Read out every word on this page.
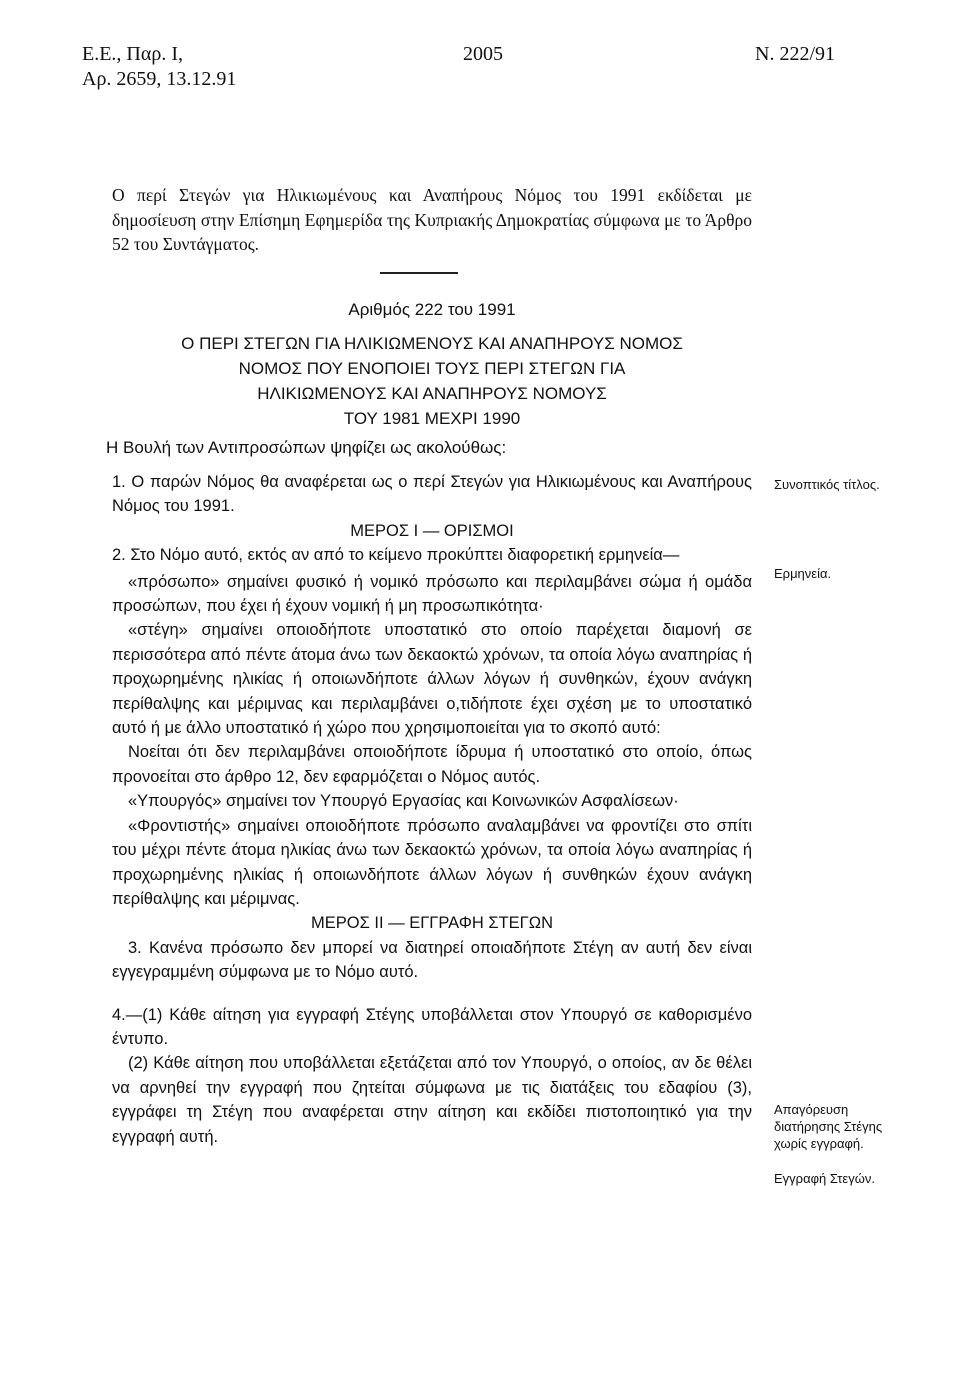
Ε.Ε., Παρ. Ι,
Αρ. 2659, 13.12.91
2005	Ν. 222/91

Ο περί Στεγών για Ηλικιωμένους και Αναπήρους Νόμος του 1991 εκδίδεται με δημοσίευση στην Επίσημη Εφημερίδα της Κυπριακής Δημοκρατίας σύμφωνα με το Άρθρο 52 του Συντάγματος.

Αριθμός 222 του 1991
Ο ΠΕΡΙ ΣΤΕΓΩΝ ΓΙΑ ΗΛΙΚΙΩΜΕΝΟΥΣ ΚΑΙ ΑΝΑΠΗΡΟΥΣ ΝΟΜΟΣ
ΝΟΜΟΣ ΠΟΥ ΕΝΟΠΟΙΕΙ ΤΟΥΣ ΠΕΡΙ ΣΤΕΓΩΝ ΓΙΑ
ΗΛΙΚΙΩΜΕΝΟΥΣ ΚΑΙ ΑΝΑΠΗΡΟΥΣ ΝΟΜΟΥΣ
ΤΟΥ 1981 ΜΕΧΡΙ 1990
Η Βουλή των Αντιπροσώπων ψηφίζει ως ακολούθως:

1. Ο παρών Νόμος θα αναφέρεται ως ο περί Στεγών για Ηλικιωμένους και Αναπήρους Νόμος του 1991.

ΜΕΡΟΣ Ι — ΟΡΙΣΜΟΙ

2. Στο Νόμο αυτό, εκτός αν από το κείμενο προκύπτει διαφορετική ερμηνεία—

«πρόσωπο» σημαίνει φυσικό ή νομικό πρόσωπο και περιλαμβάνει σώμα ή ομάδα προσώπων, που έχει ή έχουν νομική ή μη προσωπικότητα·

«στέγη» σημαίνει οποιοδήποτε υποστατικό στο οποίο παρέχεται διαμονή σε περισσότερα από πέντε άτομα άνω των δεκαοκτώ χρόνων, τα οποία λόγω αναπηρίας ή προχωρημένης ηλικίας ή οποιωνδήποτε άλλων λόγων ή συνθηκών, έχουν ανάγκη περίθαλψης και μέριμνας και περιλαμβάνει ο,τιδήποτε έχει σχέση με το υποστατικό αυτό ή με άλλο υποστατικό ή χώρο που χρησιμοποιείται για το σκοπό αυτό:

Νοείται ότι δεν περιλαμβάνει οποιοδήποτε ίδρυμα ή υποστατικό στο οποίο, όπως προνοείται στο άρθρο 12, δεν εφαρμόζεται ο Νόμος αυτός.

«Υπουργός» σημαίνει τον Υπουργό Εργασίας και Κοινωνικών Ασφαλίσεων·

«Φροντιστής» σημαίνει οποιοδήποτε πρόσωπο αναλαμβάνει να φροντίζει στο σπίτι του μέχρι πέντε άτομα ηλικίας άνω των δεκαοκτώ χρόνων, τα οποία λόγω αναπηρίας ή προχωρημένης ηλικίας ή οποιωνδήποτε άλλων λόγων ή συνθηκών έχουν ανάγκη περίθαλψης και μέριμνας.

ΜΕΡΟΣ ΙΙ — ΕΓΓΡΑΦΗ ΣΤΕΓΩΝ

3. Κανένα πρόσωπο δεν μπορεί να διατηρεί οποιαδήποτε Στέγη αν αυτή δεν είναι εγγεγραμμένη σύμφωνα με το Νόμο αυτό.

4.—(1) Κάθε αίτηση για εγγραφή Στέγης υποβάλλεται στον Υπουργό σε καθορισμένο έντυπο.

(2) Κάθε αίτηση που υποβάλλεται εξετάζεται από τον Υπουργό, ο οποίος, αν δε θέλει να αρνηθεί την εγγραφή που ζητείται σύμφωνα με τις διατάξεις του εδαφίου (3), εγγράφει τη Στέγη που αναφέρεται στην αίτηση και εκδίδει πιστοποιητικό για την εγγραφή αυτή.

Συνοπτικός τίτλος.
Ερμηνεία.
Απαγόρευση διατήρησης Στέγης χωρίς εγγραφή.
Εγγραφή Στεγών.
